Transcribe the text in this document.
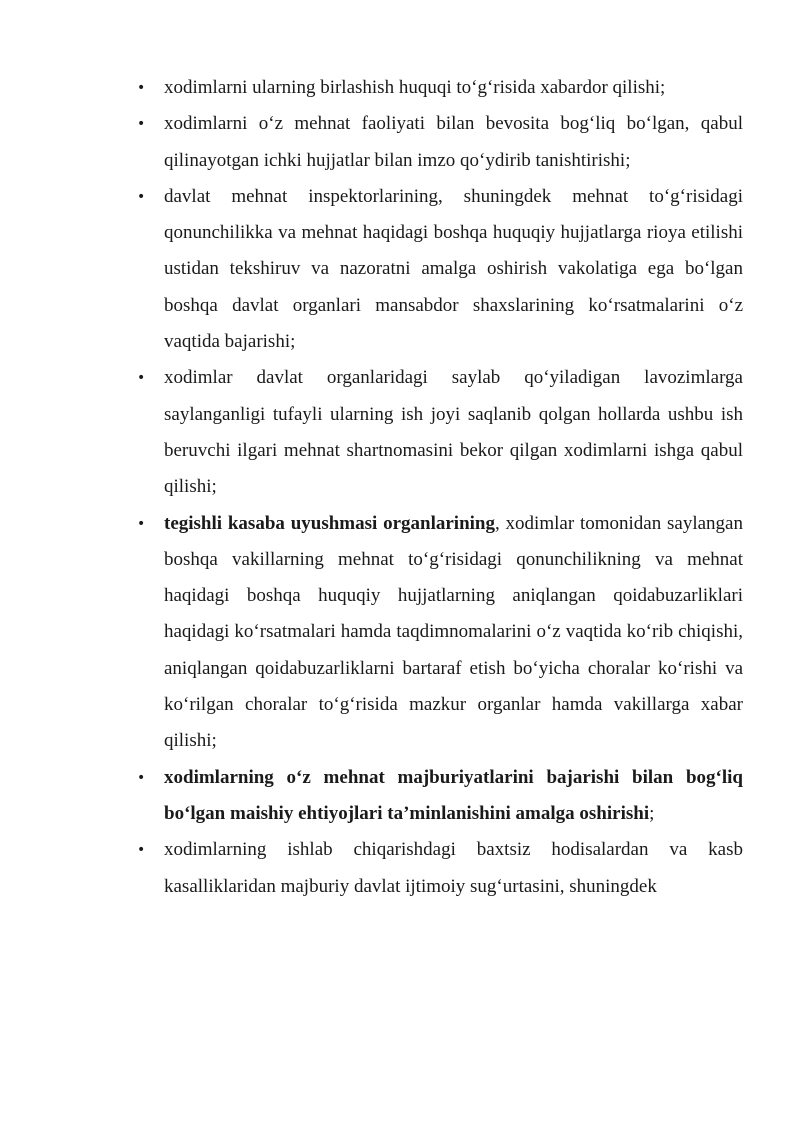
• xodimlarni ularning birlashish huquqi to‘g‘risida xabardor qilishi;
• xodimlarni o‘z mehnat faoliyati bilan bevosita bog‘liq bo‘lgan, qabul qilinayotgan ichki hujjatlar bilan imzo qo‘ydirib tanishtirishi;
• davlat mehnat inspektorlarining, shuningdek mehnat to‘g‘risidagi qonunchilikka va mehnat haqidagi boshqa huquqiy hujjatlarga rioya etilishi ustidan tekshiruv va nazoratni amalga oshirish vakolatiga ega bo‘lgan boshqa davlat organlari mansabdor shaxslarining ko‘rsatmalarini o‘z vaqtida bajarishi;
• xodimlar davlat organlaridagi saylab qo‘yiladigan lavozimlarga saylanganligi tufayli ularning ish joyi saqlanib qolgan hollarda ushbu ish beruvchi ilgari mehnat shartnomasini bekor qilgan xodimlarni ishga qabul qilishi;
• tegishli kasaba uyushmasi organlarining, xodimlar tomonidan saylangan boshqa vakillarning mehnat to‘g‘risidagi qonunchilikning va mehnat haqidagi boshqa huquqiy hujjatlarning aniqlangan qoidabuzarliklari haqidagi ko‘rsatmalari hamda taqdimnomalarini o‘z vaqtida ko‘rib chiqishi, aniqlangan qoidabuzarliklarni bartaraf etish bo‘yicha choralar ko‘rishi va ko‘rilgan choralar to‘g‘risida mazkur organlar hamda vakillarga xabar qilishi;
• xodimlarning o‘z mehnat majburiyatlarini bajarishi bilan bog‘liq bo‘lgan maishiy ehtiyojlari ta’minlanishini amalga oshirishi;
• xodimlarning ishlab chiqarishdagi baxtsiz hodisalardan va kasb kasalliklaridan majburiy davlat ijtimoiy sug‘urtasini, shuningdek
